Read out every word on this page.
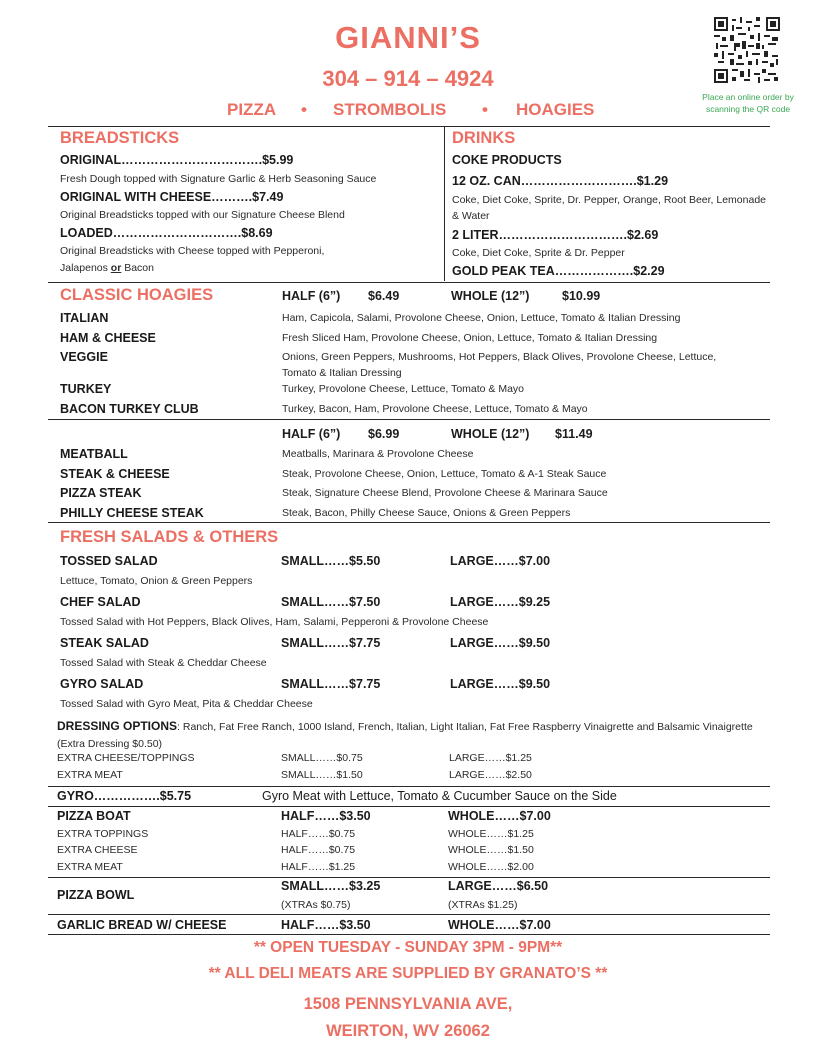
GIANNI’S
304 – 914 – 4924
PIZZA • STROMBOLIS • HOAGIES
Place an online order by scanning the QR code
BREADSTICKS
ORIGINAL…………………………….$5.99
Fresh Dough topped with Signature Garlic & Herb Seasoning Sauce
ORIGINAL WITH CHEESE……….$7.49
Original Breadsticks topped with our Signature Cheese Blend
LOADED………………………….$8.69
Original Breadsticks with Cheese topped with Pepperoni,
Jalapenos or Bacon
DRINKS
COKE PRODUCTS
12 OZ. CAN……………………….$1.29
Coke, Diet Coke, Sprite, Dr. Pepper, Orange, Root Beer, Lemonade & Water
2 LITER………………………….$2.69
Coke, Diet Coke, Sprite & Dr. Pepper
GOLD PEAK TEA……………….$2.29
CLASSIC HOAGIES	HALF (6”) $6.49	WHOLE (12”)	$10.99
ITALIAN	Ham, Capicola, Salami, Provolone Cheese, Onion, Lettuce, Tomato & Italian Dressing
HAM & CHEESE	Fresh Sliced Ham, Provolone Cheese, Onion, Lettuce, Tomato & Italian Dressing
VEGGIE	Onions, Green Peppers, Mushrooms, Hot Peppers, Black Olives, Provolone Cheese, Lettuce, Tomato & Italian Dressing
TURKEY	Turkey, Provolone Cheese, Lettuce, Tomato & Mayo
BACON TURKEY CLUB	Turkey, Bacon, Ham, Provolone Cheese, Lettuce, Tomato & Mayo
HALF (6”) $6.99	WHOLE (12”) $11.49
MEATBALL	Meatballs, Marinara & Provolone Cheese
STEAK & CHEESE	Steak, Provolone Cheese, Onion, Lettuce, Tomato & A-1 Steak Sauce
PIZZA STEAK	Steak, Signature Cheese Blend, Provolone Cheese & Marinara Sauce
PHILLY CHEESE STEAK	Steak, Bacon, Philly Cheese Sauce, Onions & Green Peppers
FRESH SALADS & OTHERS
TOSSED SALAD	SMALL……$5.50	LARGE……$7.00
Lettuce, Tomato, Onion & Green Peppers
CHEF SALAD	SMALL……$7.50	LARGE……$9.25
Tossed Salad with Hot Peppers, Black Olives, Ham, Salami, Pepperoni & Provolone Cheese
STEAK SALAD	SMALL……$7.75	LARGE……$9.50
Tossed Salad with Steak & Cheddar Cheese
GYRO SALAD	SMALL……$7.75	LARGE……$9.50
Tossed Salad with Gyro Meat, Pita & Cheddar Cheese
DRESSING OPTIONS: Ranch, Fat Free Ranch, 1000 Island, French, Italian, Light Italian, Fat Free Raspberry Vinaigrette and Balsamic Vinaigrette (Extra Dressing $0.50)
EXTRA CHEESE/TOPPINGS	SMALL……$0.75	LARGE……$1.25
EXTRA MEAT	SMALL……$1.50	LARGE……$2.50
GYRO…………….$5.75	Gyro Meat with Lettuce, Tomato & Cucumber Sauce on the Side
PIZZA BOAT	HALF……$3.50	WHOLE……$7.00
EXTRA TOPPINGS	HALF……$0.75	WHOLE……$1.25
EXTRA CHEESE	HALF……$0.75	WHOLE……$1.50
EXTRA MEAT	HALF……$1.25	WHOLE……$2.00
PIZZA BOWL
SMALL……$3.25	LARGE……$6.50
(XTRAs $0.75)	(XTRAs $1.25)
GARLIC BREAD W/ CHEESE	HALF……$3.50	WHOLE……$7.00
** OPEN TUESDAY - SUNDAY 3PM - 9PM**
** ALL DELI MEATS ARE SUPPLIED BY GRANATO’S **
1508 PENNSYLVANIA AVE,
WEIRTON, WV 26062
